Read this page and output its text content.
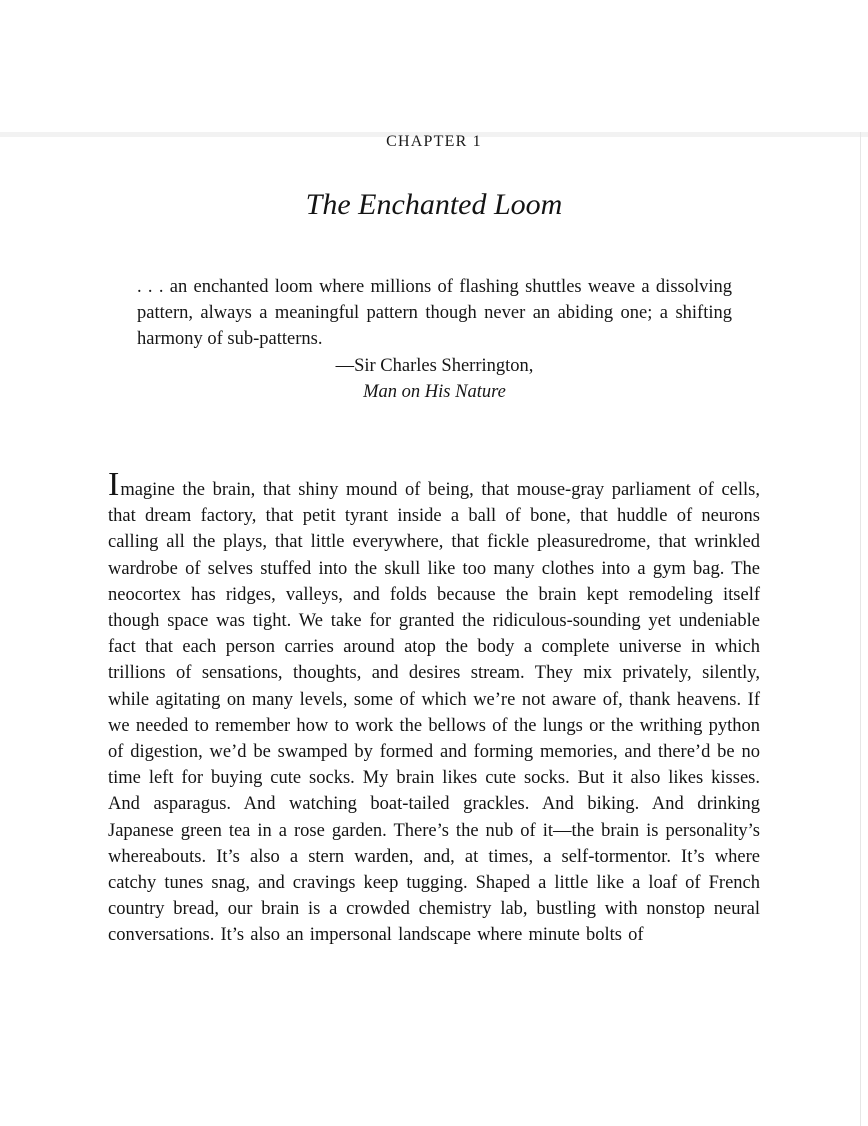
CHAPTER 1
The Enchanted Loom

. . . an enchanted loom where millions of flashing shuttles weave a dissolving pattern, always a meaningful pattern though never an abiding one; a shifting harmony of sub-patterns.

—Sir Charles Sherrington,

Man on His Nature

Imagine the brain, that shiny mound of being, that mouse-gray parliament of cells, that dream factory, that petit tyrant inside a ball of bone, that huddle of neurons calling all the plays, that little everywhere, that fickle pleasuredrome, that wrinkled wardrobe of selves stuffed into the skull like too many clothes into a gym bag. The neocortex has ridges, valleys, and folds because the brain kept remodeling itself though space was tight. We take for granted the ridiculous-sounding yet undeniable fact that each person carries around atop the body a complete universe in which trillions of sensations, thoughts, and desires stream. They mix privately, silently, while agitating on many levels, some of which we’re not aware of, thank heavens. If we needed to remember how to work the bellows of the lungs or the writhing python of digestion, we’d be swamped by formed and forming memories, and there’d be no time left for buying cute socks. My brain likes cute socks. But it also likes kisses. And asparagus. And watching boat-tailed grackles. And biking. And drinking Japanese green tea in a rose garden. There’s the nub of it—the brain is personality’s whereabouts. It’s also a stern warden, and, at times, a self-tormentor. It’s where catchy tunes snag, and cravings keep tugging. Shaped a little like a loaf of French country bread, our brain is a crowded chemistry lab, bustling with nonstop neural conversations. It’s also an impersonal landscape where minute bolts of
